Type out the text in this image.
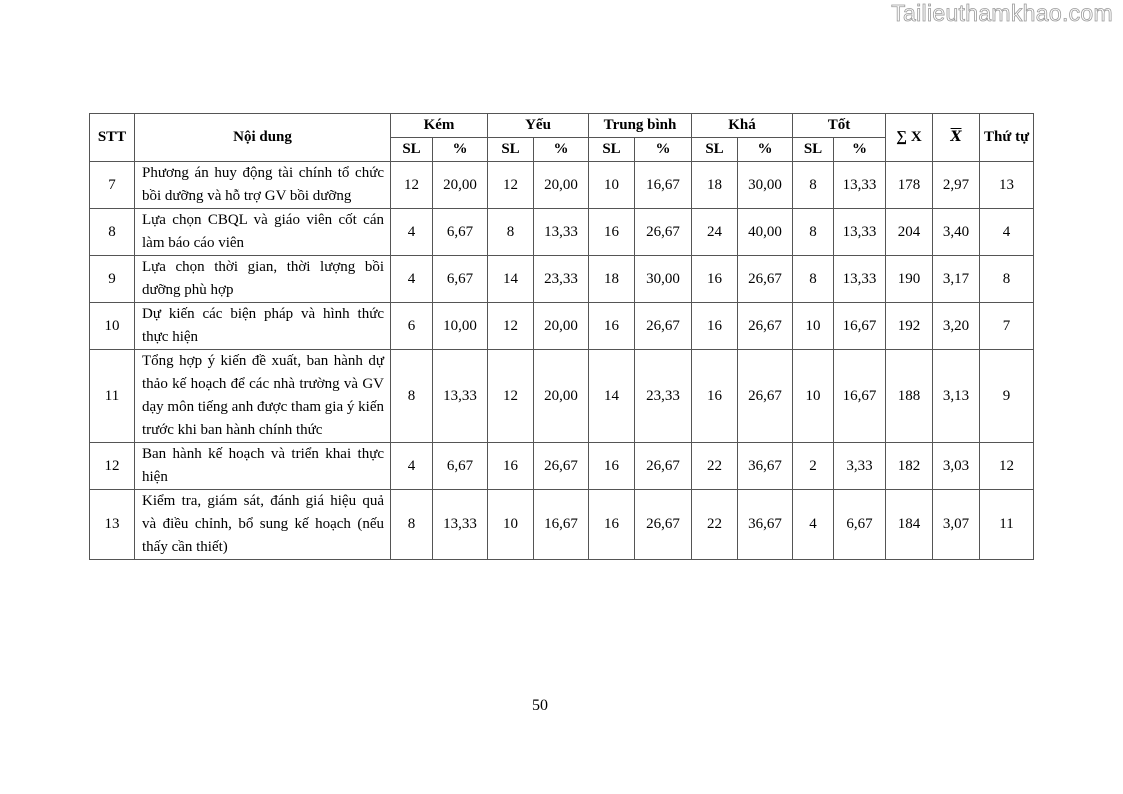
Tailieuthamkhao.com
STT	Nội dung	Kém		Yếu		Trung bình		Khá		Tốt		∑ X	$\overline{X}$	Thứ tự
		SL	%	SL	%	SL	%	SL	%	SL	%			
7	Phương án huy động tài chính tổ chức bồi dưỡng và hỗ trợ GV bồi dưỡng	12	20,00	12	20,00	10	16,67	18	30,00	8	13,33	178	2,97	13
8	Lựa chọn CBQL và giáo viên cốt cán làm báo cáo viên	4	6,67	8	13,33	16	26,67	24	40,00	8	13,33	204	3,40	4
9	Lựa chọn thời gian, thời lượng bồi dưỡng phù hợp	4	6,67	14	23,33	18	30,00	16	26,67	8	13,33	190	3,17	8
10	Dự kiến các biện pháp và hình thức thực hiện	6	10,00	12	20,00	16	26,67	16	26,67	10	16,67	192	3,20	7
11	Tổng hợp ý kiến đề xuất, ban hành dự thảo kế hoạch để các nhà trường và GV dạy môn tiếng anh được tham gia ý kiến trước khi ban hành chính thức	8	13,33	12	20,00	14	23,33	16	26,67	10	16,67	188	3,13	9
12	Ban hành kế hoạch và triển khai thực hiện	4	6,67	16	26,67	16	26,67	22	36,67	2	3,33	182	3,03	12
13	Kiểm tra, giám sát, đánh giá hiệu quả và điều chỉnh, bổ sung kế hoạch (nếu thấy cần thiết)	8	13,33	10	16,67	16	26,67	22	36,67	4	6,67	184	3,07	11
50
